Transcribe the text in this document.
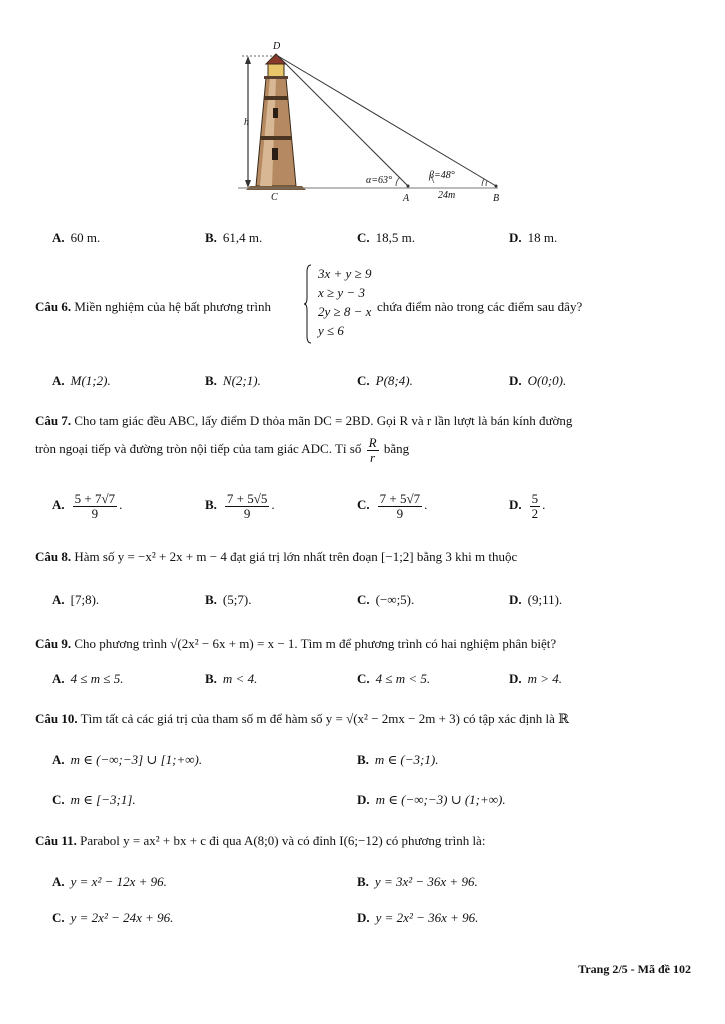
D
h
C	A	B
α=63°	β=48°
24m
A. 60 m.	B. 61,4 m.	C. 18,5 m.	D. 18 m.
Câu 6. Miền nghiệm của hệ bất phương trình
3x + y ≥ 9
x ≥ y − 3
2y ≥ 8 − x
y ≤ 6
chứa điểm nào trong các điểm sau đây?
A. M(1;2).	B. N(2;1).	C. P(8;4).	D. O(0;0).
Câu 7. Cho tam giác đều ABC, lấy điểm D thỏa mãn DC = 2BD. Gọi R và r lần lượt là bán kính đường
tròn ngoại tiếp và đường tròn nội tiếp của tam giác ADC. Tỉ số $\frac{R}{r}$ bằng
A. $\frac{5 + 7√7}{9}$ .	B. $\frac{7 + 5√5}{9}$ .	C. $\frac{7 + 5√7}{9}$ .	D. $\frac{5}{2}$ .
Câu 8. Hàm số y = −x² + 2x + m − 4 đạt giá trị lớn nhất trên đoạn [−1;2] bằng 3 khi m thuộc
A. [7;8).	B. (5;7).	C. (−∞;5).	D. (9;11).
Câu 9. Cho phương trình √(2x² − 6x + m) = x − 1. Tìm m để phương trình có hai nghiệm phân biệt?
A. 4 ≤ m ≤ 5.	B. m < 4.	C. 4 ≤ m < 5.	D. m > 4.
Câu 10. Tìm tất cả các giá trị của tham số m để hàm số y = √(x² − 2mx − 2m + 3) có tập xác định là ℝ
A. m ∈ (−∞;−3] ∪ [1;+∞).	B. m ∈ (−3;1).
C. m ∈ [−3;1].	D. m ∈ (−∞;−3) ∪ (1;+∞).
Câu 11. Parabol y = ax² + bx + c đi qua A(8;0) và có đỉnh I(6;−12) có phương trình là:
A. y = x² − 12x + 96.	B. y = 3x² − 36x + 96.
C. y = 2x² − 24x + 96.	D. y = 2x² − 36x + 96.
Trang 2/5 - Mã đề 102
